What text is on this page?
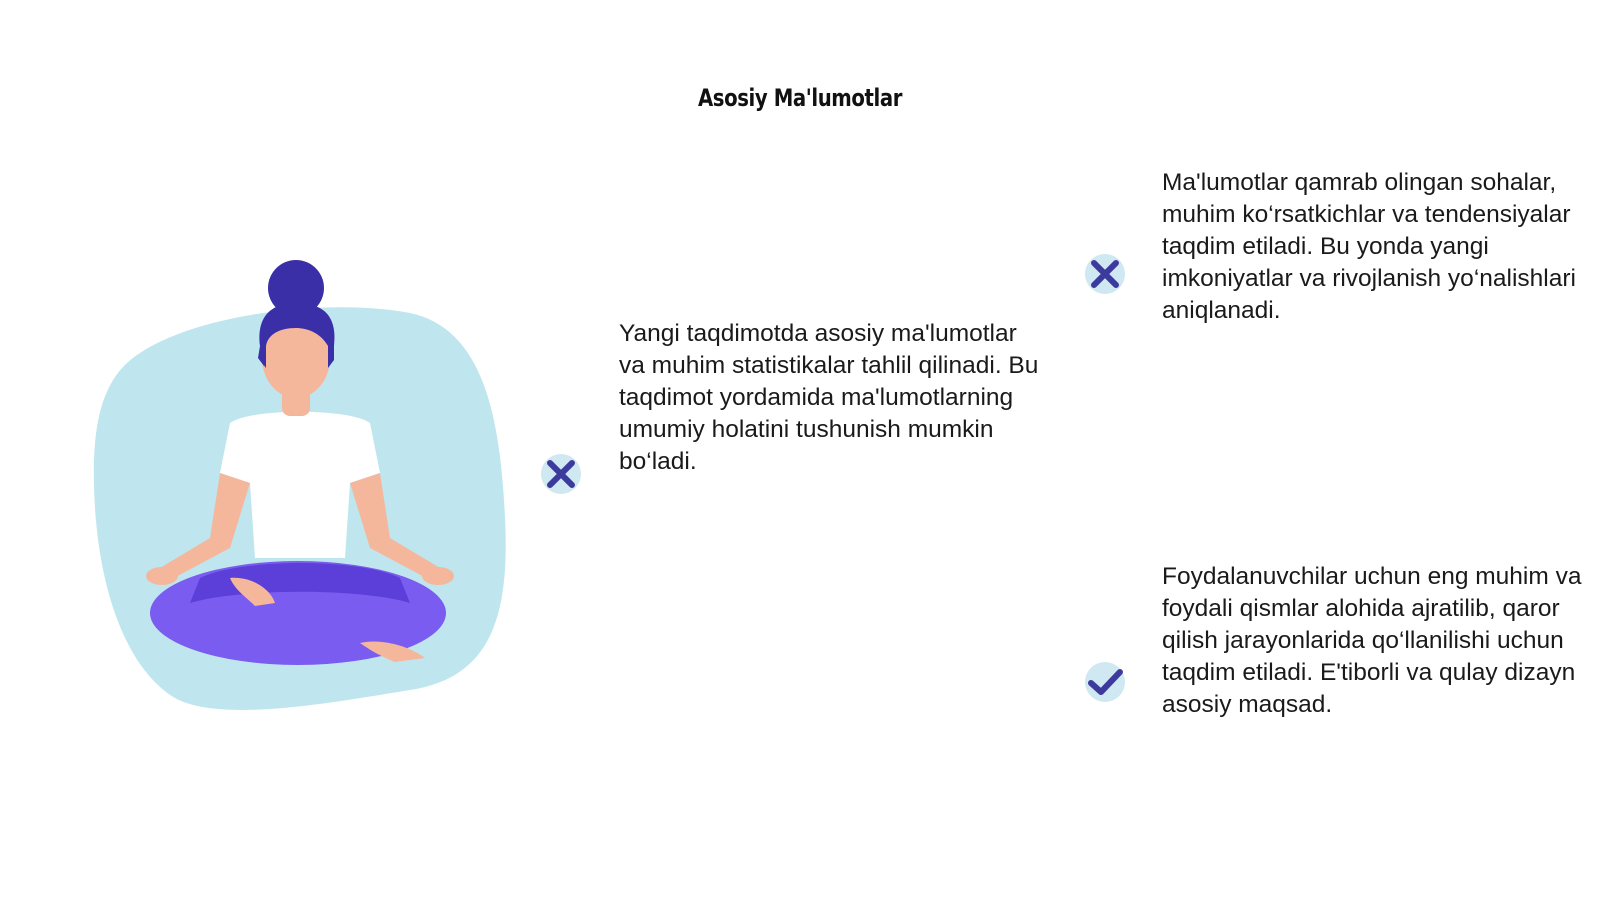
Asosiy Ma'lumotlar
Yangi taqdimotda asosiy ma'lumotlar va muhim statistikalar tahlil qilinadi. Bu taqdimot yordamida ma'lumotlarning umumiy holatini tushunish mumkin bo‘ladi.
Ma'lumotlar qamrab olingan sohalar, muhim ko‘rsatkichlar va tendensiyalar taqdim etiladi. Bu yonda yangi imkoniyatlar va rivojlanish yo‘nalishlari aniqlanadi.
Foydalanuvchilar uchun eng muhim va foydali qismlar alohida ajratilib, qaror qilish jarayonlarida qo‘llanilishi uchun taqdim etiladi. E'tiborli va qulay dizayn asosiy maqsad.
